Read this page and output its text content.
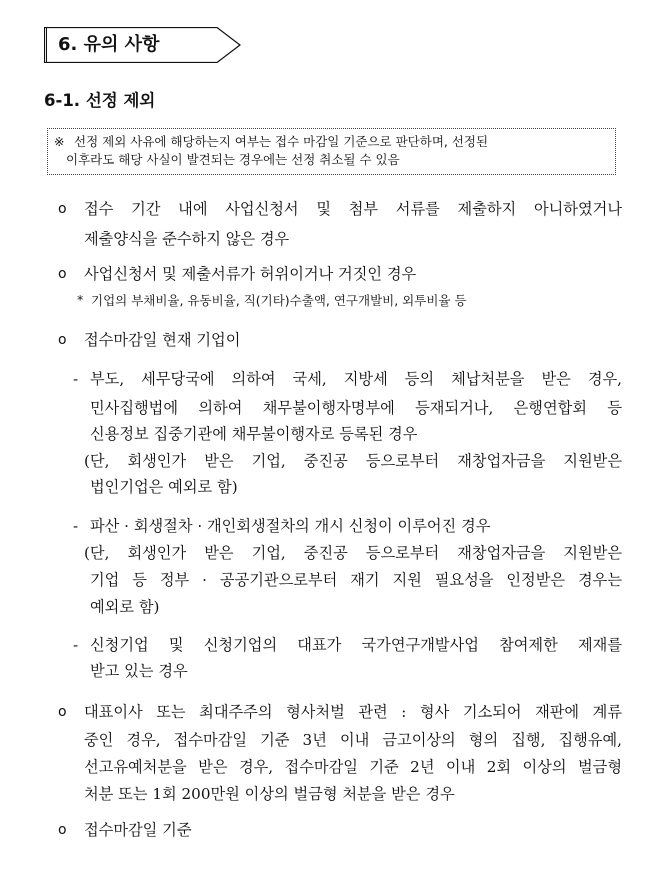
6. 유의 사항
6-1. 선정 제외
※ 선정 제외 사유에 해당하는지 여부는 접수 마감일 기준으로 판단하며, 선정된
이후라도 해당 사실이 발견되는 경우에는 선정 취소될 수 있음
o 접수 기간 내에 사업신청서 및 첨부 서류를 제출하지 아니하였거나
제출양식을 준수하지 않은 경우
o 사업신청서 및 제출서류가 허위이거나 거짓인 경우
* 기업의 부채비율, 유동비율, 직(기타)수출액, 연구개발비, 외투비율 등
o 접수마감일 현재 기업이
- 부도, 세무당국에 의하여 국세, 지방세 등의 체납처분을 받은 경우,
민사집행법에 의하여 채무불이행자명부에 등재되거나, 은행연합회 등
신용정보 집중기관에 채무불이행자로 등록된 경우
(단, 회생인가 받은 기업, 중진공 등으로부터 재창업자금을 지원받은
법인기업은 예외로 함)
- 파산 · 회생절차 · 개인회생절차의 개시 신청이 이루어진 경우
(단, 회생인가 받은 기업, 중진공 등으로부터 재창업자금을 지원받은
기업 등 정부 · 공공기관으로부터 재기 지원 필요성을 인정받은 경우는
예외로 함)
- 신청기업 및 신청기업의 대표가 국가연구개발사업 참여제한 제재를
받고 있는 경우
o 대표이사 또는 최대주주의 형사처벌 관련 : 형사 기소되어 재판에 계류
중인 경우, 접수마감일 기준 3년 이내 금고이상의 형의 집행, 집행유예,
선고유예처분을 받은 경우, 접수마감일 기준 2년 이내 2회 이상의 벌금형
처분 또는 1회 200만원 이상의 벌금형 처분을 받은 경우
o 접수마감일 기준
